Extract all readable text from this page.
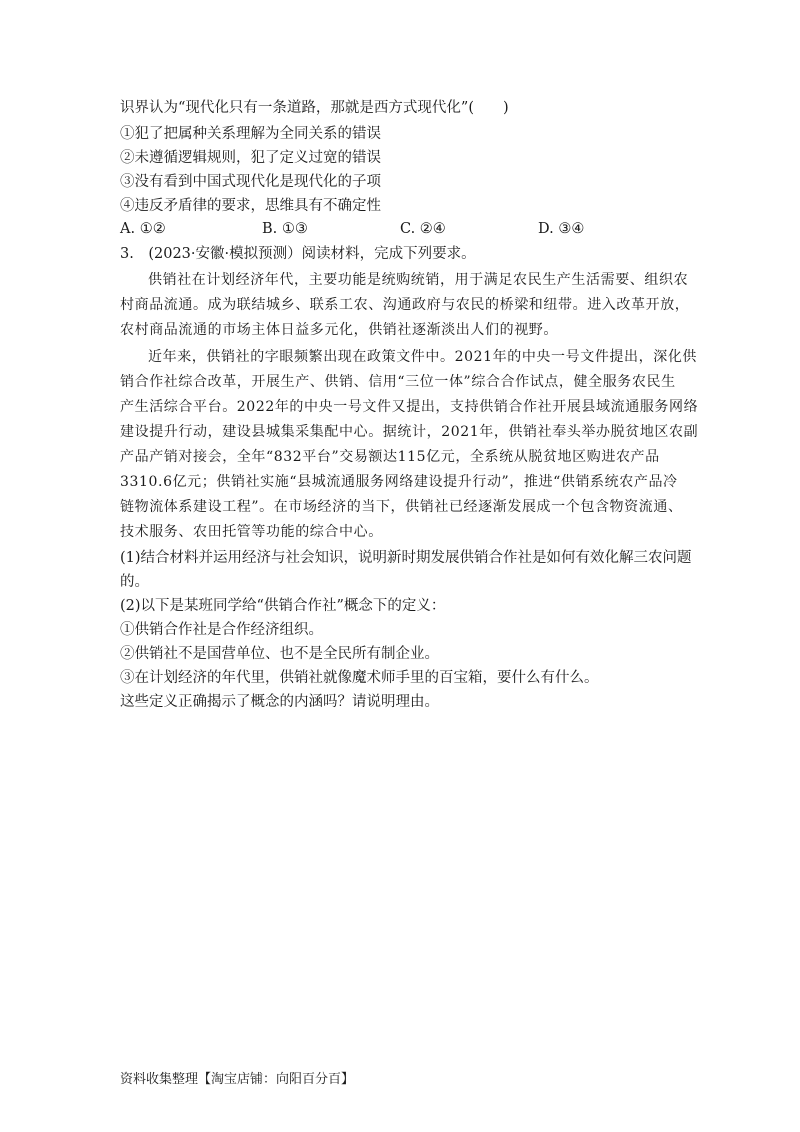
识界认为“现代化只有一条道路，那就是西方式现代化”(　　)
①犯了把属种关系理解为全同关系的错误
②未遵循逻辑规则，犯了定义过宽的错误
③没有看到中国式现代化是现代化的子项
④违反矛盾律的要求，思维具有不确定性
A. ①②	B. ①③	C. ②④	D. ③④
3.　(2023·安徽·模拟预测）阅读材料，完成下列要求。
供销社在计划经济年代，主要功能是统购统销，用于满足农民生产生活需要、组织农
村商品流通。成为联结城乡、联系工农、沟通政府与农民的桥梁和纽带。进入改革开放，
农村商品流通的市场主体日益多元化，供销社逐渐淡出人们的视野。
近年来，供销社的字眼频繁出现在政策文件中。2021年的中央一号文件提出，深化供
销合作社综合改革，开展生产、供销、信用“三位一体”综合合作试点，健全服务农民生
产生活综合平台。2022年的中央一号文件又提出，支持供销合作社开展县域流通服务网络
建设提升行动，建设县城集采集配中心。据统计，2021年，供销社奉头举办脱贫地区农副
产品产销对接会，全年“832平台”交易额达115亿元，全系统从脱贫地区购进农产品
3310.6亿元；供销社实施“县城流通服务网络建设提升行动”，推进“供销系统农产品冷
链物流体系建设工程”。在市场经济的当下，供销社已经逐渐发展成一个包含物资流通、
技术服务、农田托管等功能的综合中心。
(1)结合材料并运用经济与社会知识，说明新时期发展供销合作社是如何有效化解三农问题
的。
(2)以下是某班同学给“供销合作社”概念下的定义：
①供销合作社是合作经济组织。
②供销社不是国营单位、也不是全民所有制企业。
③在计划经济的年代里，供销社就像魔术师手里的百宝箱，要什么有什么。
这些定义正确揭示了概念的内涵吗？请说明理由。
资料收集整理【淘宝店铺：向阳百分百】
